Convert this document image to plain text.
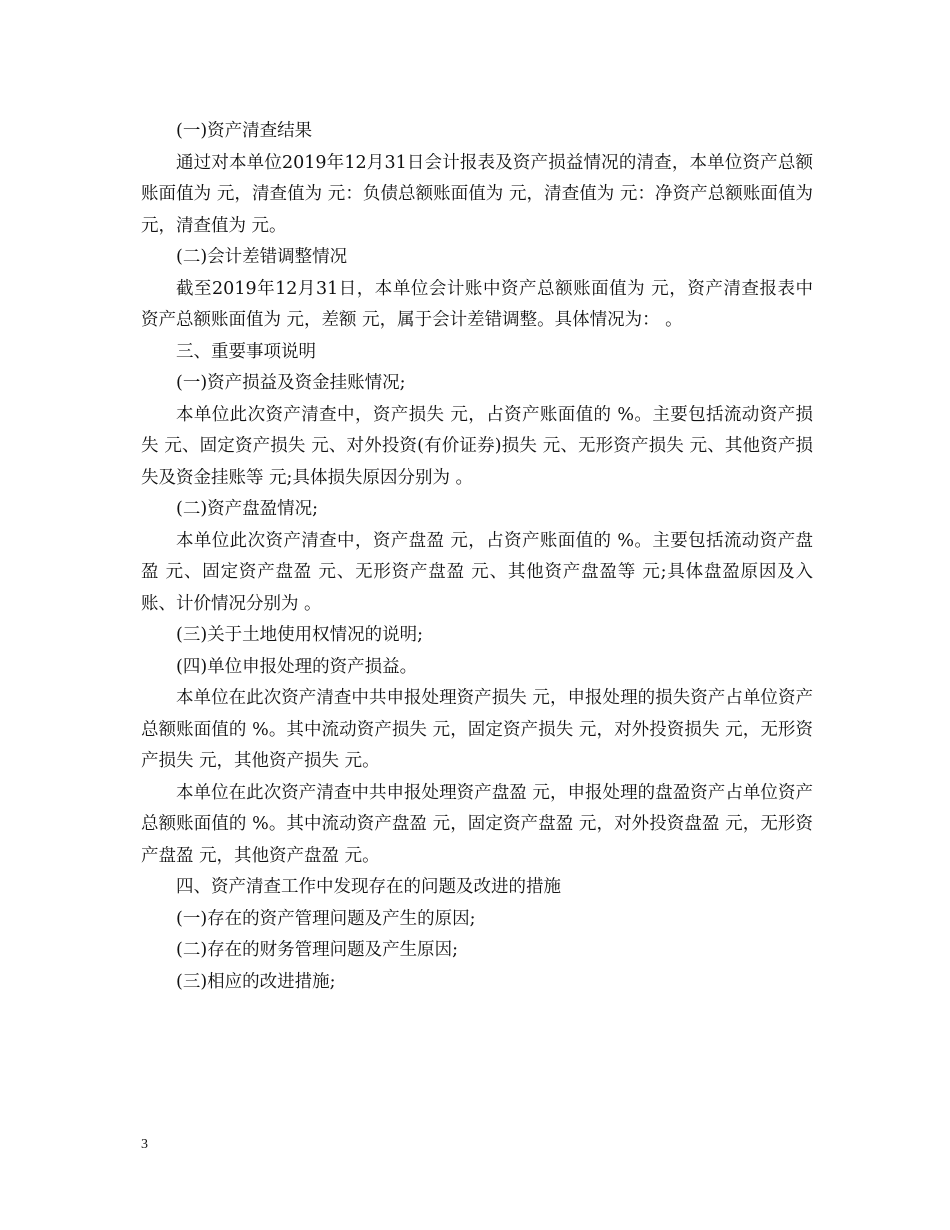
(一)资产清查结果

通过对本单位2019年12月31日会计报表及资产损益情况的清查，本单位资产总额账面值为 元，清查值为 元：负债总额账面值为 元，清查值为 元：净资产总额账面值为 元，清查值为 元。

(二)会计差错调整情况

截至2019年12月31日，本单位会计账中资产总额账面值为 元，资产清查报表中资产总额账面值为 元，差额 元，属于会计差错调整。具体情况为： 。

三、重要事项说明

(一)资产损益及资金挂账情况;

本单位此次资产清查中，资产损失 元，占资产账面值的 %。主要包括流动资产损失 元、固定资产损失 元、对外投资(有价证券)损失 元、无形资产损失 元、其他资产损失及资金挂账等 元;具体损失原因分别为 。

(二)资产盘盈情况;

本单位此次资产清查中，资产盘盈 元，占资产账面值的 %。主要包括流动资产盘盈 元、固定资产盘盈 元、无形资产盘盈 元、其他资产盘盈等 元;具体盘盈原因及入账、计价情况分别为 。

(三)关于土地使用权情况的说明;

(四)单位申报处理的资产损益。

本单位在此次资产清查中共申报处理资产损失 元，申报处理的损失资产占单位资产总额账面值的 %。其中流动资产损失 元，固定资产损失 元，对外投资损失 元，无形资产损失 元，其他资产损失 元。

本单位在此次资产清查中共申报处理资产盘盈 元，申报处理的盘盈资产占单位资产总额账面值的 %。其中流动资产盘盈 元，固定资产盘盈 元，对外投资盘盈 元，无形资产盘盈 元，其他资产盘盈 元。

四、资产清查工作中发现存在的问题及改进的措施

(一)存在的资产管理问题及产生的原因;

(二)存在的财务管理问题及产生原因;

(三)相应的改进措施;

3
